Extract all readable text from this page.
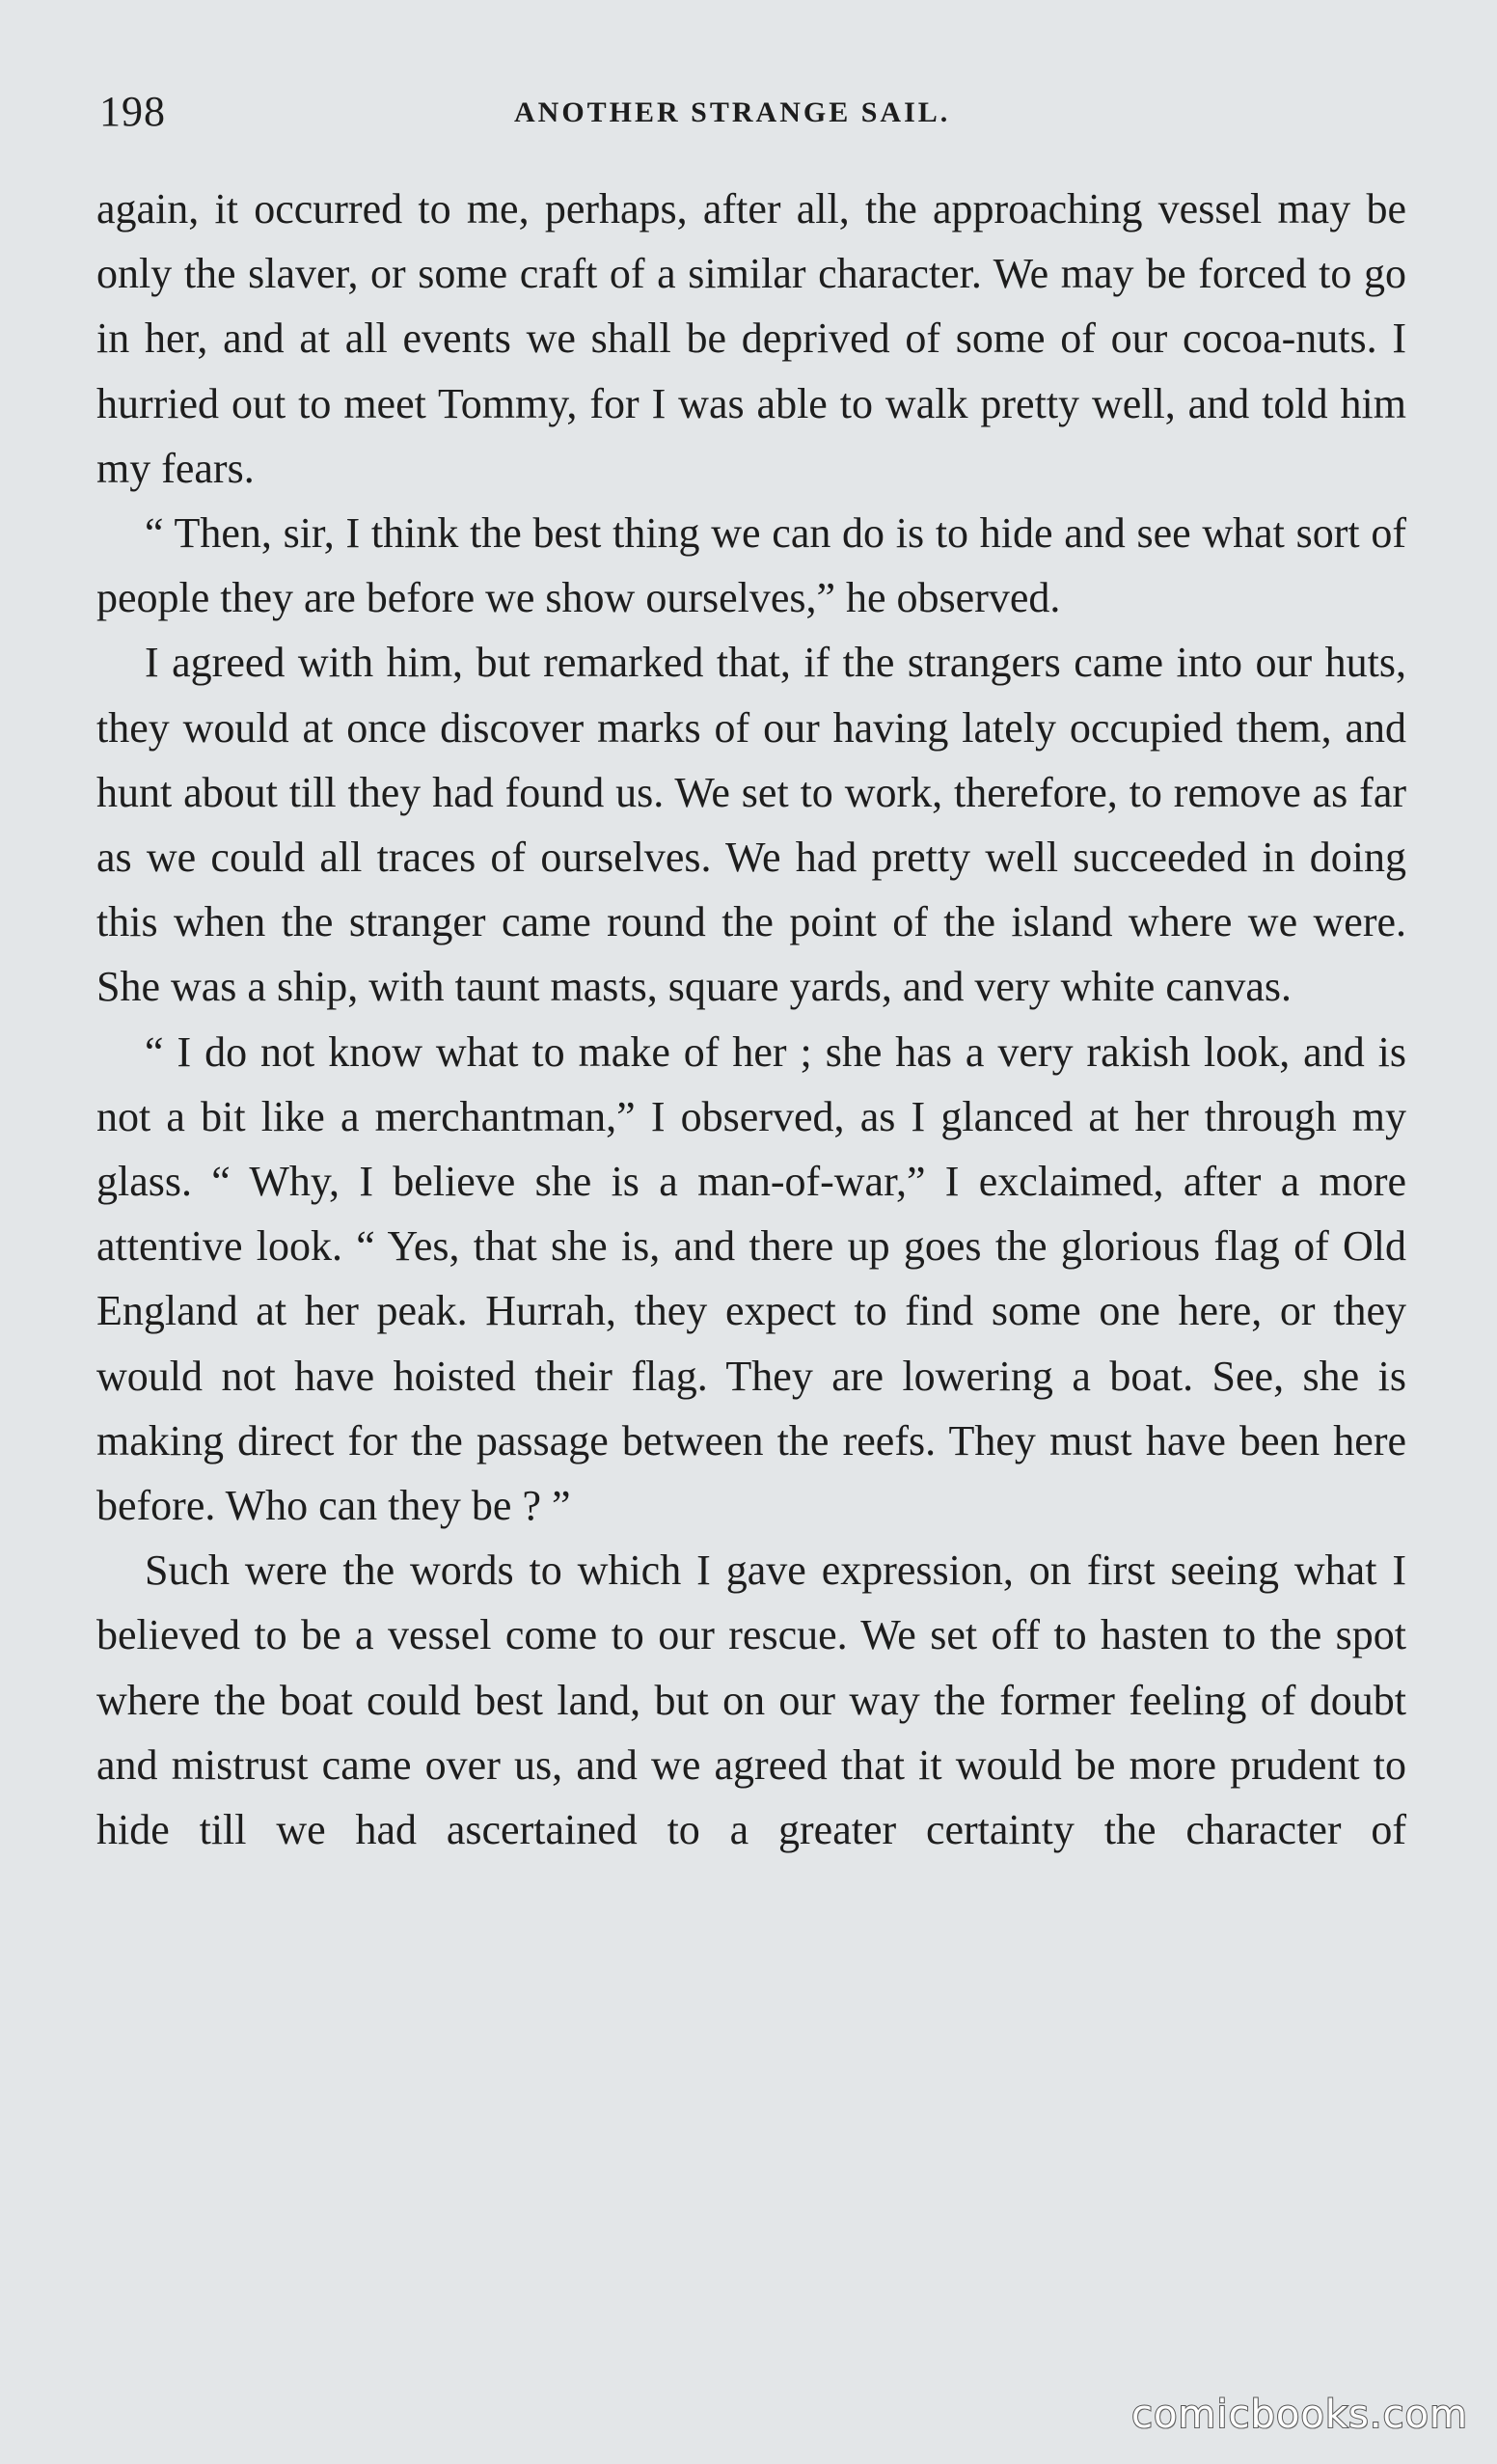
198	ANOTHER STRANGE SAIL.

again, it occurred to me, perhaps, after all, the approaching vessel may be only the slaver, or some craft of a similar character. We may be forced to go in her, and at all events we shall be deprived of some of our cocoa-nuts. I hurried out to meet Tommy, for I was able to walk pretty well, and told him my fears.

“ Then, sir, I think the best thing we can do is to hide and see what sort of people they are before we show ourselves,” he observed.

I agreed with him, but remarked that, if the strangers came into our huts, they would at once discover marks of our having lately occupied them, and hunt about till they had found us. We set to work, therefore, to remove as far as we could all traces of ourselves. We had pretty well succeeded in doing this when the stranger came round the point of the island where we were. She was a ship, with taunt masts, square yards, and very white canvas.

“ I do not know what to make of her ; she has a very rakish look, and is not a bit like a merchantman,” I observed, as I glanced at her through my glass. “ Why, I believe she is a man-of-war,” I exclaimed, after a more attentive look. “ Yes, that she is, and there up goes the glorious flag of Old England at her peak. Hurrah, they expect to find some one here, or they would not have hoisted their flag. They are lowering a boat. See, she is making direct for the passage between the reefs. They must have been here before. Who can they be ? ”

Such were the words to which I gave expression, on first seeing what I believed to be a vessel come to our rescue. We set off to hasten to the spot where the boat could best land, but on our way the former feeling of doubt and mistrust came over us, and we agreed that it would be more prudent to hide till we had ascertained to a greater certainty the character of

comicbooks.com
